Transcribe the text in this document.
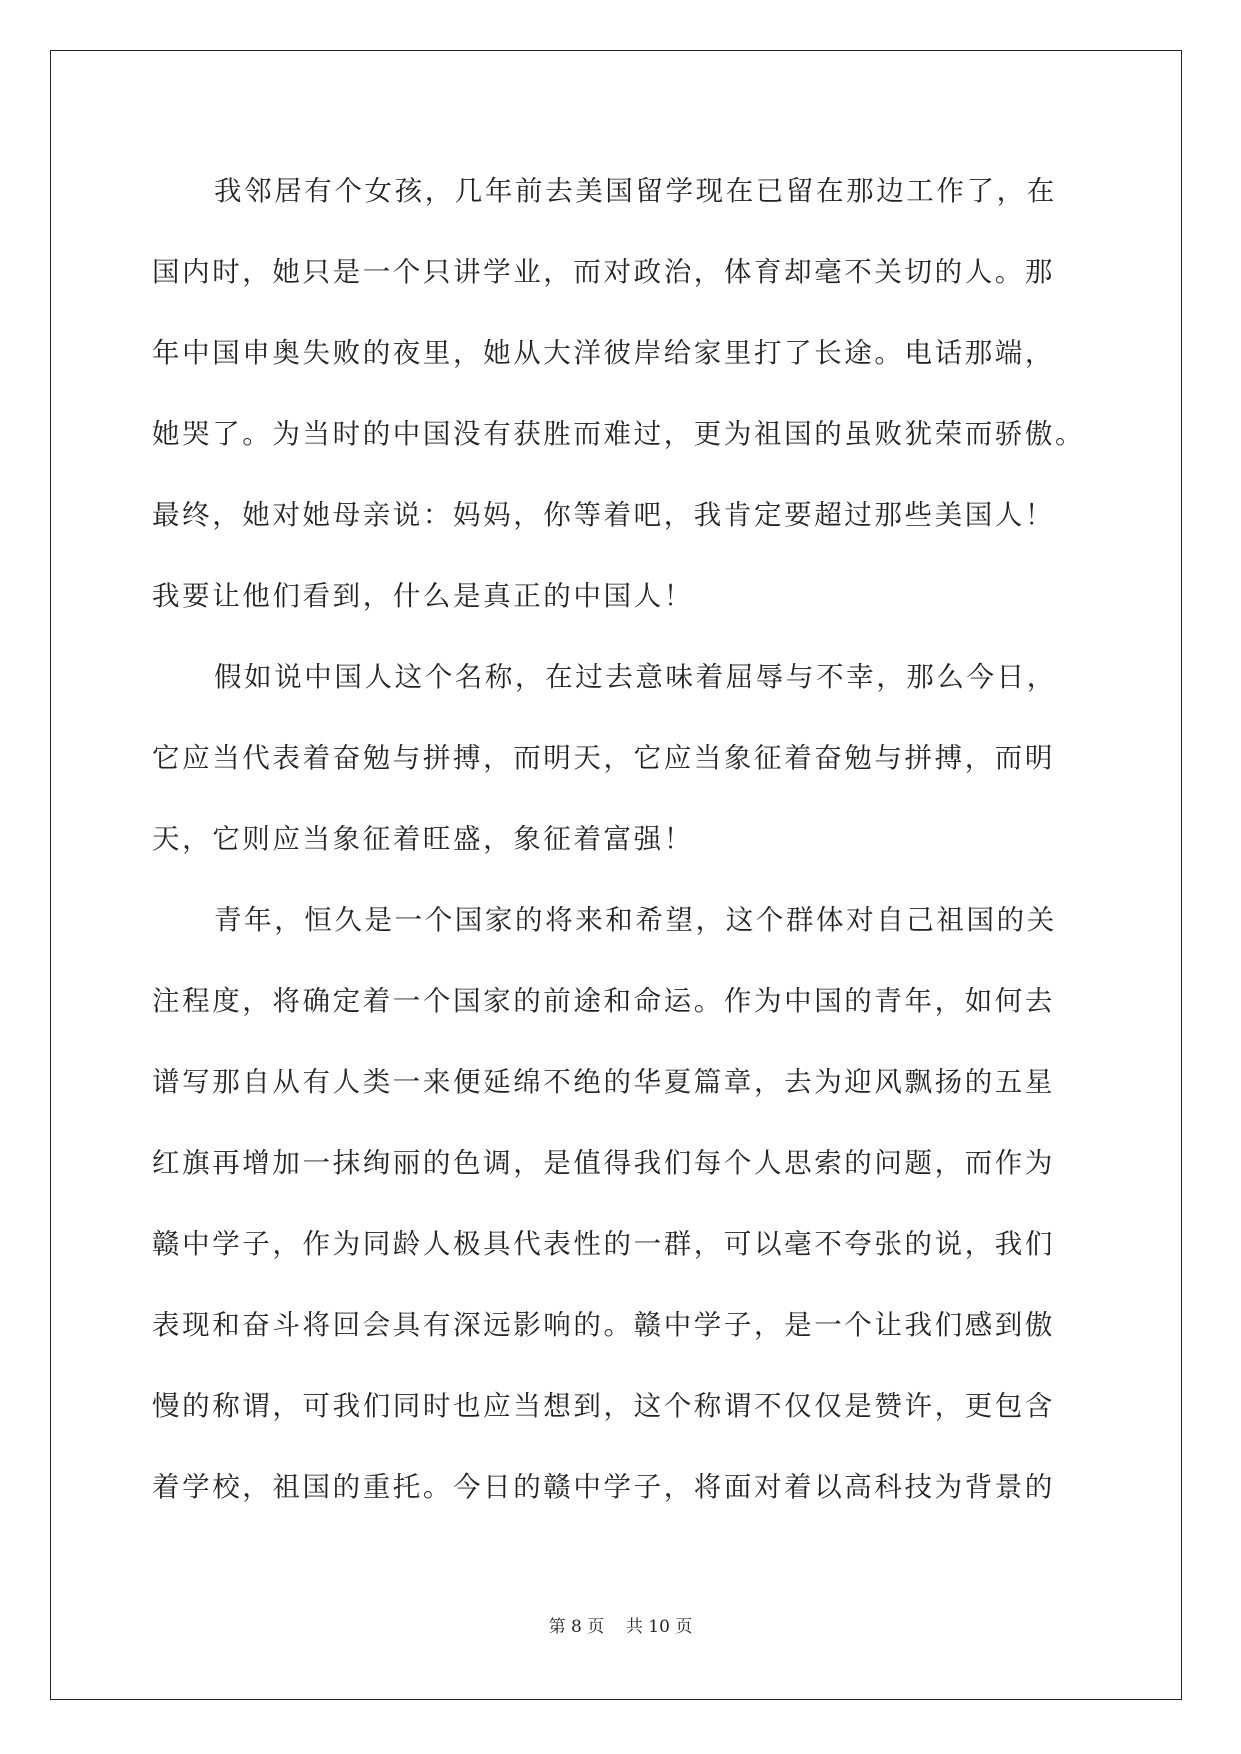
我邻居有个女孩，几年前去美国留学现在已留在那边工作了，在
国内时，她只是一个只讲学业，而对政治，体育却毫不关切的人。那
年中国申奥失败的夜里，她从大洋彼岸给家里打了长途。电话那端，
她哭了。为当时的中国没有获胜而难过，更为祖国的虽败犹荣而骄傲。
最终，她对她母亲说：妈妈，你等着吧，我肯定要超过那些美国人！
我要让他们看到，什么是真正的中国人！
假如说中国人这个名称，在过去意味着屈辱与不幸，那么今日，
它应当代表着奋勉与拼搏，而明天，它应当象征着奋勉与拼搏，而明
天，它则应当象征着旺盛，象征着富强！
青年，恒久是一个国家的将来和希望，这个群体对自己祖国的关
注程度，将确定着一个国家的前途和命运。作为中国的青年，如何去
谱写那自从有人类一来便延绵不绝的华夏篇章，去为迎风飘扬的五星
红旗再增加一抹绚丽的色调，是值得我们每个人思索的问题，而作为
赣中学子，作为同龄人极具代表性的一群，可以毫不夸张的说，我们
表现和奋斗将回会具有深远影响的。赣中学子，是一个让我们感到傲
慢的称谓，可我们同时也应当想到，这个称谓不仅仅是赞许，更包含
着学校，祖国的重托。今日的赣中学子，将面对着以高科技为背景的
第 8 页    共 10 页
